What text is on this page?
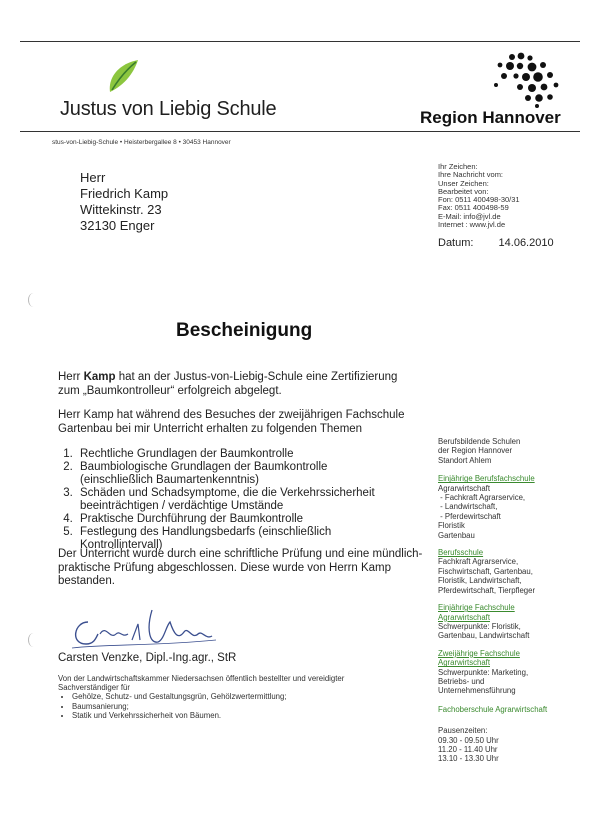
Justus von Liebig Schule	Region Hannover
stus-von-Liebig-Schule • Heisterbergallee 8 • 30453 Hannover
Herr
Friedrich Kamp
Wittekinstr. 23
32130 Enger
Ihr Zeichen:
Ihre Nachricht vom:
Unser Zeichen:
Bearbeitet von:
Fon: 0511 400498-30/31
Fax: 0511 400498-59
E-Mail: info@jvl.de
Internet : www.jvl.de
Datum: 14.06.2010
Bescheinigung
Herr Kamp hat an der Justus-von-Liebig-Schule eine Zertifizierung zum „Baumkontrolleur“ erfolgreich abgelegt.
Herr Kamp hat während des Besuches der zweijährigen Fachschule Gartenbau bei mir Unterricht erhalten zu folgenden Themen
1. Rechtliche Grundlagen der Baumkontrolle
2. Baumbiologische Grundlagen der Baumkontrolle (einschließlich Baumartenkenntnis)
3. Schäden und Schadsymptome, die die Verkehrssicherheit beeinträchtigen / verdächtige Umstände
4. Praktische Durchführung der Baumkontrolle
5. Festlegung des Handlungsbedarfs (einschließlich Kontrollintervall)
Der Unterricht wurde durch eine schriftliche Prüfung und eine mündlich-praktische Prüfung abgeschlossen. Diese wurde von Herrn Kamp bestanden.
Carsten Venzke, Dipl.-Ing.agr., StR
Von der Landwirtschaftskammer Niedersachsen öffentlich bestellter und vereidigter Sachverständiger für
• Gehölze, Schutz- und Gestaltungsgrün, Gehölzwertermittlung;
• Baumsanierung;
• Statik und Verkehrssicherheit von Bäumen.
Berufsbildende Schulen
der Region Hannover
Standort Ahlem
Einjährige Berufsfachschule
Agrarwirtschaft
- Fachkraft Agrarservice,
- Landwirtschaft,
- Pferdewirtschaft
Floristik
Gartenbau
Berufsschule
Fachkraft Agrarservice,
Fischwirtschaft, Gartenbau,
Floristik, Landwirtschaft,
Pferdewirtschaft, Tierpfleger
Einjährige Fachschule Agrarwirtschaft
Schwerpunkte: Floristik,
Gartenbau, Landwirtschaft
Zweijährige Fachschule Agrarwirtschaft
Schwerpunkte: Marketing,
Betriebs- und
Unternehmensführung
Fachoberschule Agrarwirtschaft
Pausenzeiten:
09.30 - 09.50 Uhr
11.20 - 11.40 Uhr
13.10 - 13.30 Uhr
